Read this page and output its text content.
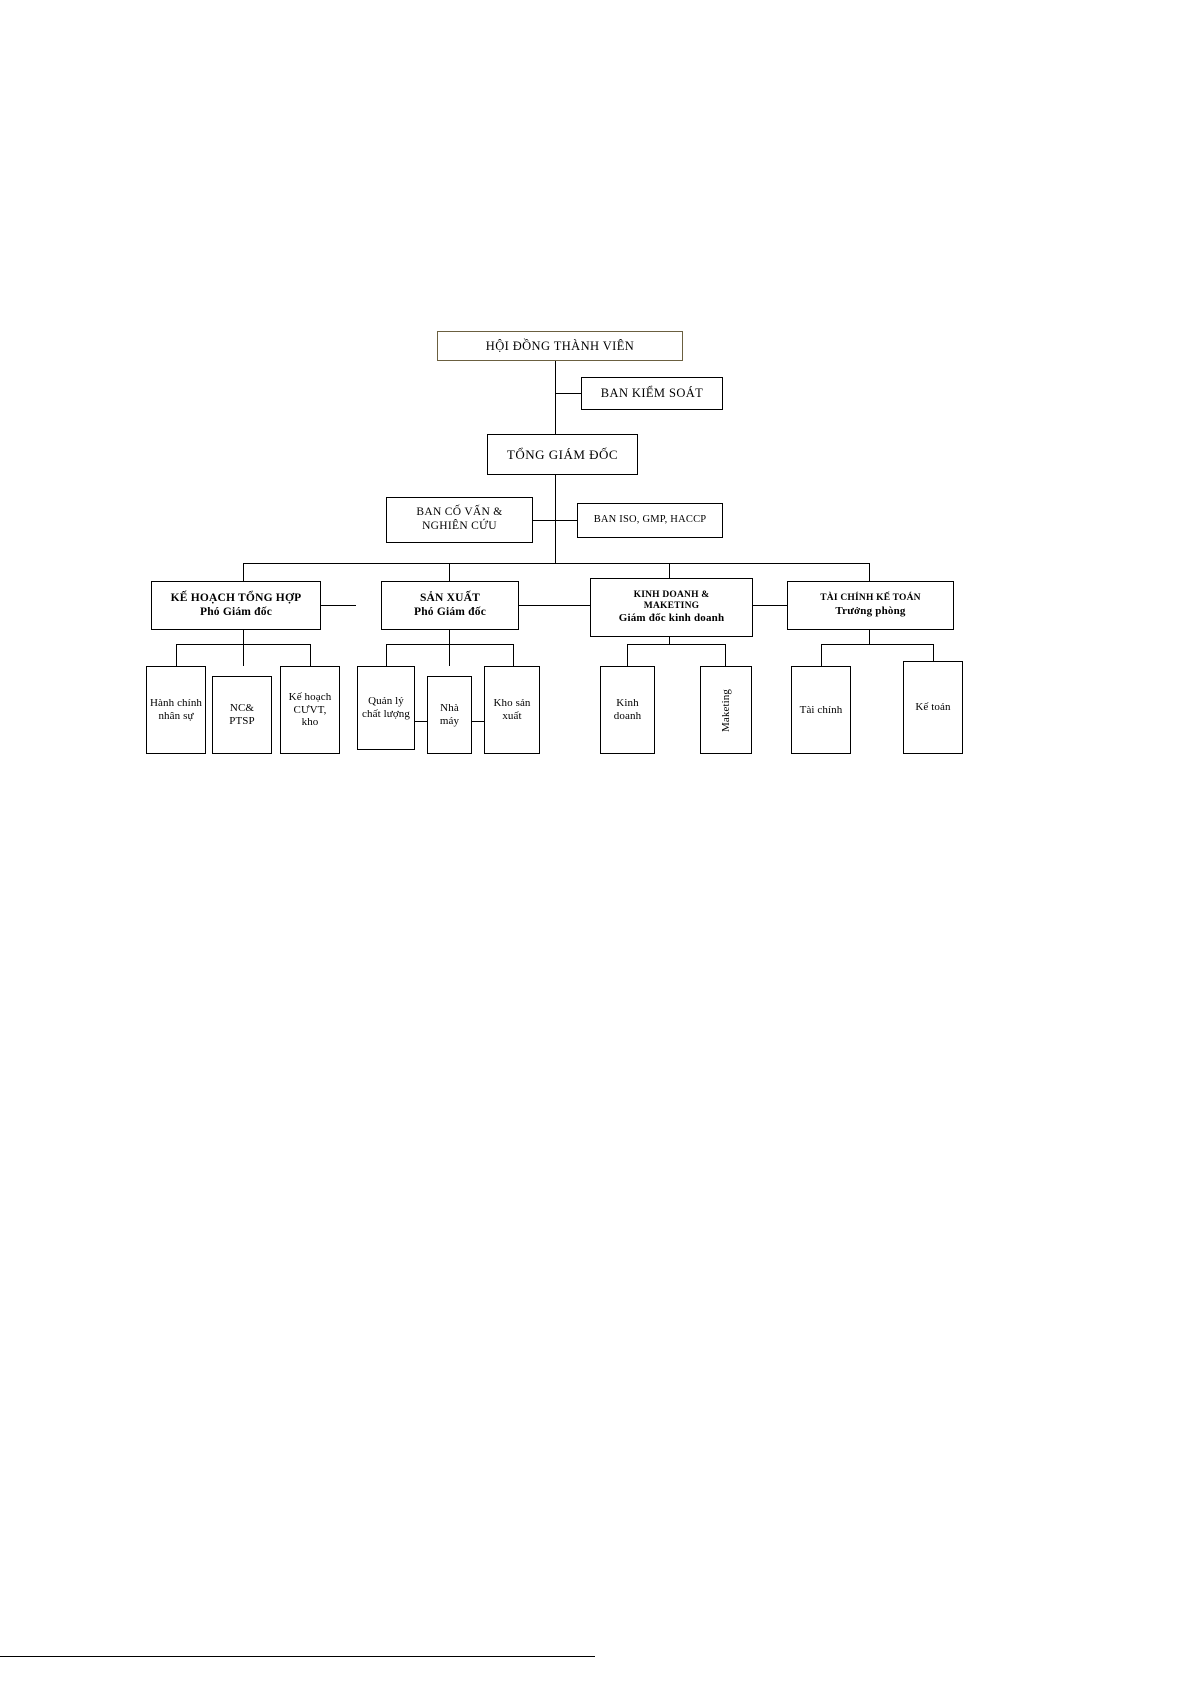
HỘI ĐỒNG THÀNH VIÊN
BAN KIỂM SOÁT
TỔNG GIÁM ĐỐC
BAN CỐ VẤN &
NGHIÊN CỨU
BAN ISO, GMP, HACCP
KẾ HOẠCH TỔNG HỢP
Phó Giám đốc
SẢN XUẤT
Phó Giám đốc
KINH DOANH &
MAKETING
Giám đốc kinh doanh
TÀI CHÍNH KẾ TOÁN
Trưởng phòng
Hành chính nhân sự
NC& PTSP
Kế hoạch CƯVT, kho
Quản lý chất lượng	Nhà máy
Kho sản xuất
Kinh doanh	Maketing	Tài chính	Kế toán
